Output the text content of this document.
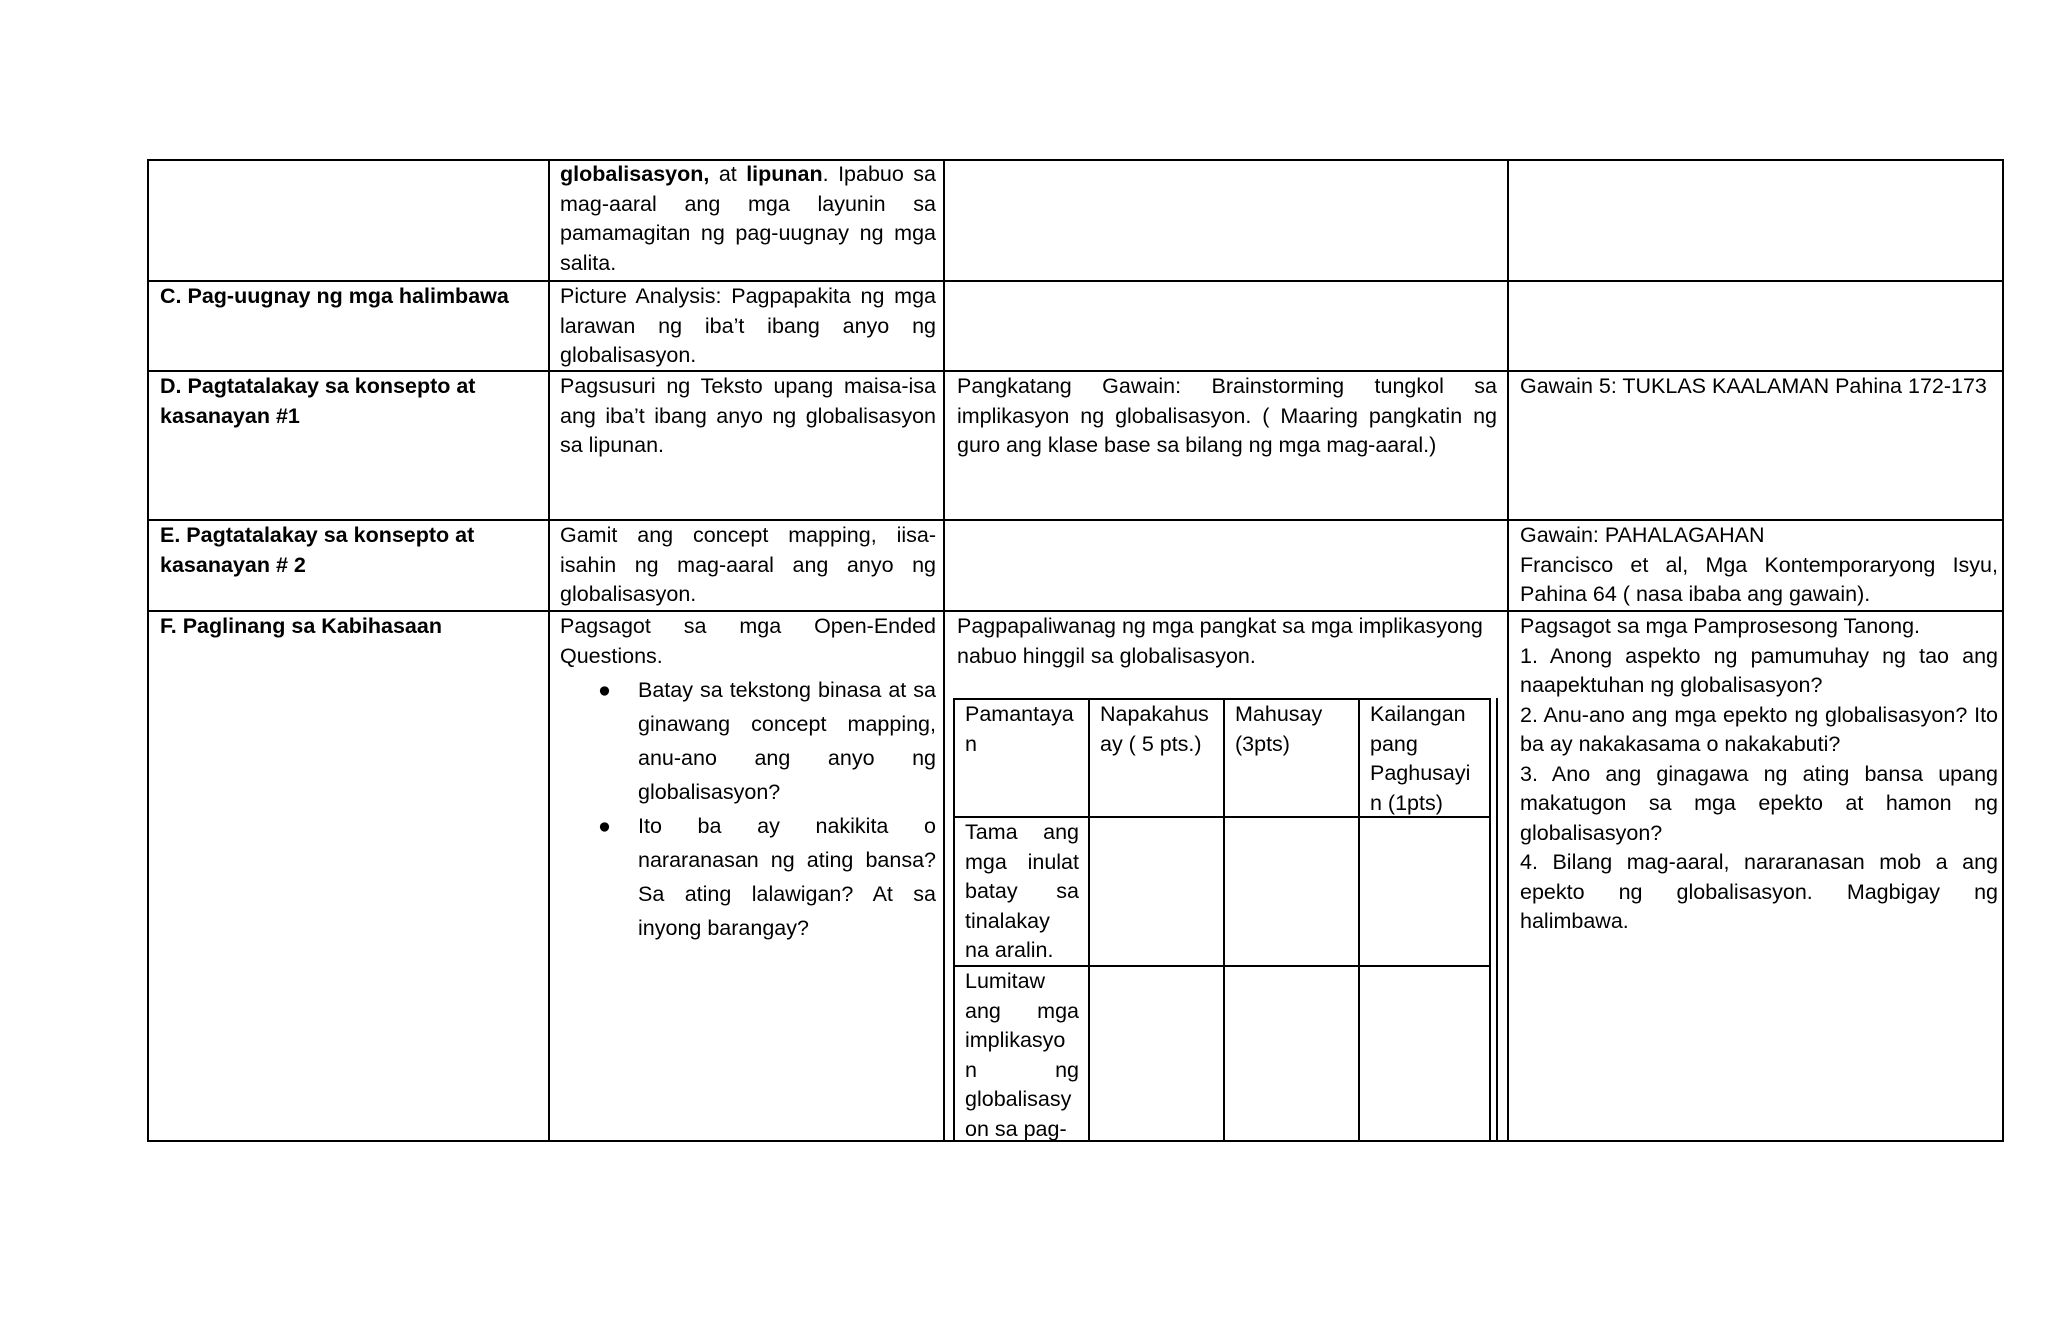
globalisasyon, at lipunan. Ipabuo sa mag-aaral ang mga layunin sa pamamagitan ng pag-uugnay ng mga salita.
C. Pag-uugnay ng mga halimbawa	Picture Analysis: Pagpapakita ng mga larawan ng iba’t ibang anyo ng globalisasyon.
D. Pagtatalakay sa konsepto at kasanayan #1
Pagsusuri ng Teksto upang maisa-isa ang iba’t ibang anyo ng globalisasyon sa lipunan.
Pangkatang Gawain: Brainstorming tungkol sa implikasyon ng globalisasyon. ( Maaring pangkatin ng guro ang klase base sa bilang ng mga mag-aaral.)
Gawain 5: TUKLAS KAALAMAN Pahina 172-173
E. Pagtatalakay sa konsepto at kasanayan # 2
Gamit ang concept mapping, iisa-isahin ng mag-aaral ang anyo ng globalisasyon.
Gawain: PAHALAGAHAN
Francisco et al, Mga Kontemporaryong Isyu, Pahina 64 ( nasa ibaba ang gawain).
F. Paglinang sa Kabihasaan	Pagsagot sa mga Open-Ended Questions.
● Batay sa tekstong binasa at sa ginawang concept mapping, anu-ano ang anyo ng globalisasyon?
● Ito ba ay nakikita o nararanasan ng ating bansa? Sa ating lalawigan? At sa inyong barangay?
Pagpapaliwanag ng mga pangkat sa mga implikasyong nabuo hinggil sa globalisasyon.
Pagsagot sa mga Pamprosesong Tanong.
1. Anong aspekto ng pamumuhay ng tao ang naapektuhan ng globalisasyon?
2. Anu-ano ang mga epekto ng globalisasyon? Ito ba ay nakakasama o nakakabuti?
3. Ano ang ginagawa ng ating bansa upang makatugon sa mga epekto at hamon ng globalisasyon?
4. Bilang mag-aaral, nararanasan mob a ang epekto ng globalisasyon. Magbigay ng halimbawa.
Pamantaya n
Napakahus ay ( 5 pts.)
Mahusay (3pts)
Kailangan pang Paghusayi n (1pts)
Tama ang mga inulat batay sa tinalakay na aralin.
Lumitaw ang mga implikasyo n ng globalisasy on sa pag-
